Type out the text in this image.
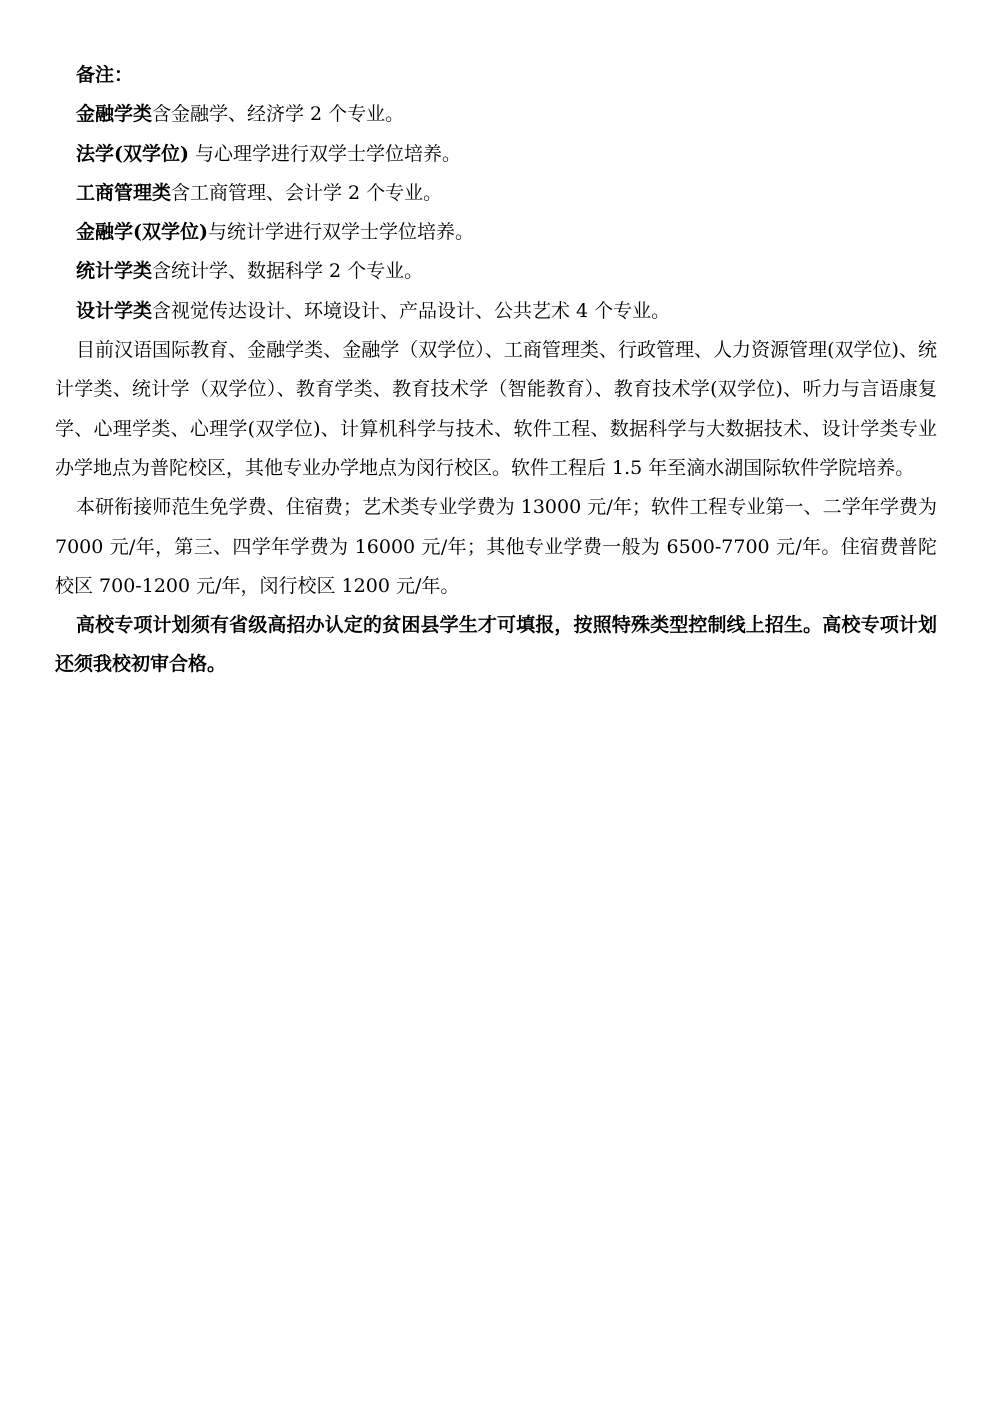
备注：

金融学类含金融学、经济学 2 个专业。

法学(双学位) 与心理学进行双学士学位培养。

工商管理类含工商管理、会计学 2 个专业。

金融学(双学位)与统计学进行双学士学位培养。

统计学类含统计学、数据科学 2 个专业。

设计学类含视觉传达设计、环境设计、产品设计、公共艺术 4 个专业。

目前汉语国际教育、金融学类、金融学（双学位）、工商管理类、行政管理、人力资源管理(双学位)、统计学类、统计学（双学位）、教育学类、教育技术学（智能教育）、教育技术学(双学位)、听力与言语康复学、心理学类、心理学(双学位)、计算机科学与技术、软件工程、数据科学与大数据技术、设计学类专业办学地点为普陀校区，其他专业办学地点为闵行校区。软件工程后 1.5 年至滴水湖国际软件学院培养。

本研衔接师范生免学费、住宿费；艺术类专业学费为 13000 元/年；软件工程专业第一、二学年学费为 7000 元/年，第三、四学年学费为 16000 元/年；其他专业学费一般为 6500-7700 元/年。住宿费普陀校区 700-1200 元/年，闵行校区 1200 元/年。

高校专项计划须有省级高招办认定的贫困县学生才可填报，按照特殊类型控制线上招生。高校专项计划还须我校初审合格。
